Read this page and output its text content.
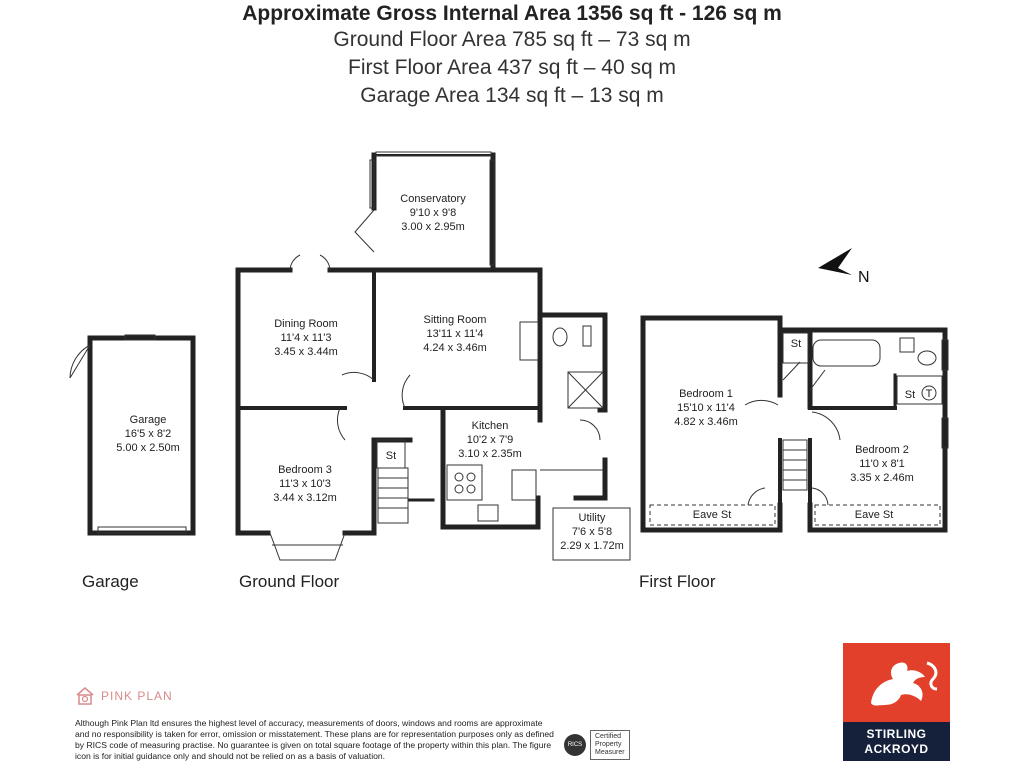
Approximate Gross Internal Area 1356 sq ft - 126 sq m
Ground Floor Area 785 sq ft – 73 sq m
First Floor Area 437 sq ft – 40 sq m
Garage Area 134 sq ft – 13 sq m
N
Conservatory
9'10 x 9'8
3.00 x 2.95m
Dining Room
11'4 x 11'3
3.45 x 3.44m
Sitting Room
13'11 x 11'4
4.24 x 3.46m
Kitchen
10'2 x 7'9
3.10 x 2.35m
Bedroom 3
11'3 x 10'3
3.44 x 3.12m
Utility
7'6 x 5'8
2.29 x 1.72m
Garage
16'5 x 8'2
5.00 x 2.50m
Bedroom 1
15'10 x 11'4
4.82 x 3.46m
Bedroom 2
11'0 x 8'1
3.35 x 2.46m
St
St
St T
Eave St	Eave St
Garage	Ground Floor	First Floor
PINK PLAN
Although Pink Plan ltd ensures the highest level of accuracy, measurements of doors, windows and rooms are approximate and no responsibility is taken for error, omission or misstatement. These plans are for representation purposes only as defined by RICS code of measuring practise. No guarantee is given on total square footage of the property within this plan. The figure icon is for initial guidance only and should not be relied on as a basis of valuation.
RICS
Certified
Property
Measurer
STIRLING
ACKROYD
